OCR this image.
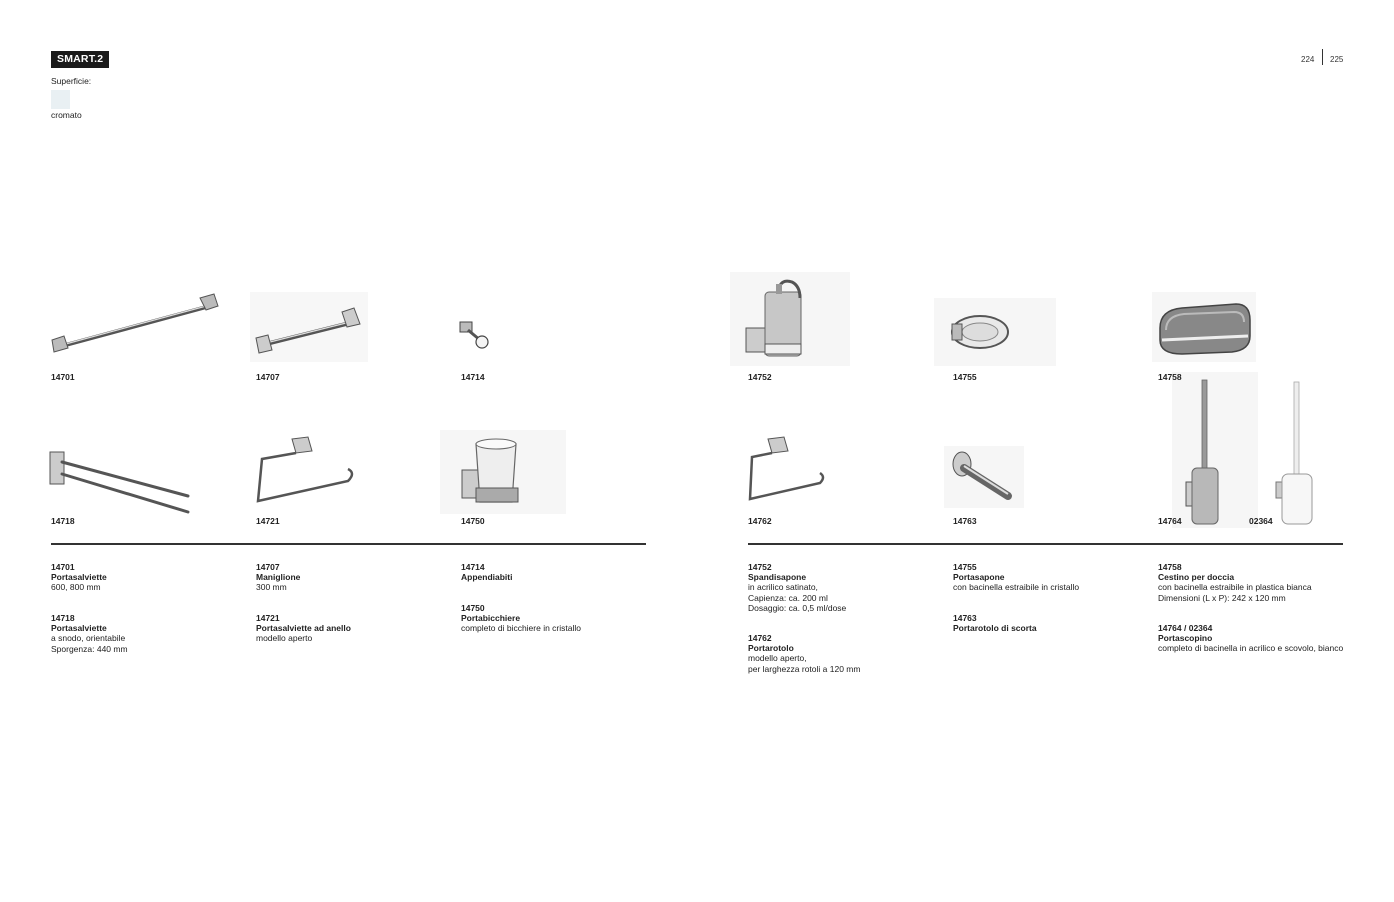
SMART.2
Superficie:
cromato
224 225
14701	14707	14714	14752	14755	14758
14718	14721	14750	14762	14763	14764	02364
14701
Portasalviette
600, 800 mm
14718
Portasalviette
a snodo, orientabile
Sporgenza: 440 mm
14707
Maniglione
300 mm
14721
Portasalviette ad anello
modello aperto
14714
Appendiabiti
14750
Portabicchiere
completo di bicchiere in cristallo
14752
Spandisapone
in acrilico satinato,
Capienza: ca. 200 ml
Dosaggio: ca. 0,5 ml/dose
14762
Portarotolo
modello aperto,
per larghezza rotoli a 120 mm
14755
Portasapone
con bacinella estraibile in cristallo
14763
Portarotolo di scorta
14758
Cestino per doccia
con bacinella estraibile in plastica bianca
Dimensioni (L x P): 242 x 120 mm
14764 / 02364
Portascopino
completo di bacinella in acrilico e scovolo, bianco
